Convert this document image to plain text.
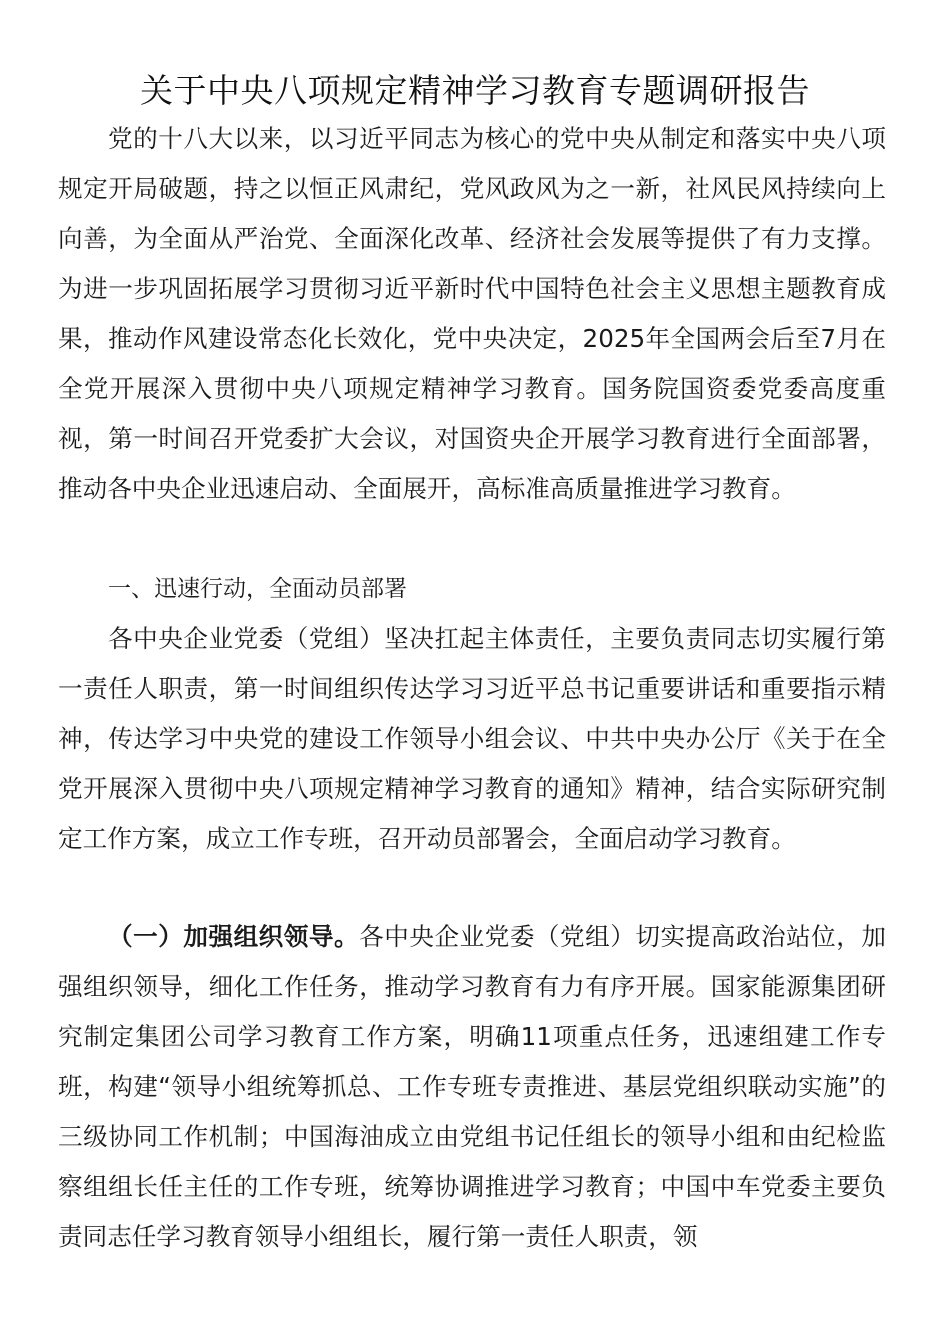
关于中央八项规定精神学习教育专题调研报告

党的十八大以来，以习近平同志为核心的党中央从制定和落实中央八项规定开局破题，持之以恒正风肃纪，党风政风为之一新，社风民风持续向上向善，为全面从严治党、全面深化改革、经济社会发展等提供了有力支撑。为进一步巩固拓展学习贯彻习近平新时代中国特色社会主义思想主题教育成果，推动作风建设常态化长效化，党中央决定，2025年全国两会后至7月在全党开展深入贯彻中央八项规定精神学习教育。国务院国资委党委高度重视，第一时间召开党委扩大会议，对国资央企开展学习教育进行全面部署，推动各中央企业迅速启动、全面展开，高标准高质量推进学习教育。

一、迅速行动，全面动员部署

各中央企业党委（党组）坚决扛起主体责任，主要负责同志切实履行第一责任人职责，第一时间组织传达学习习近平总书记重要讲话和重要指示精神，传达学习中央党的建设工作领导小组会议、中共中央办公厅《关于在全党开展深入贯彻中央八项规定精神学习教育的通知》精神，结合实际研究制定工作方案，成立工作专班，召开动员部署会，全面启动学习教育。

（一）加强组织领导。各中央企业党委（党组）切实提高政治站位，加强组织领导，细化工作任务，推动学习教育有力有序开展。国家能源集团研究制定集团公司学习教育工作方案，明确11项重点任务，迅速组建工作专班，构建“领导小组统筹抓总、工作专班专责推进、基层党组织联动实施”的三级协同工作机制；中国海油成立由党组书记任组长的领导小组和由纪检监察组组长任主任的工作专班，统筹协调推进学习教育；中国中车党委主要负责同志任学习教育领导小组组长，履行第一责任人职责，领
